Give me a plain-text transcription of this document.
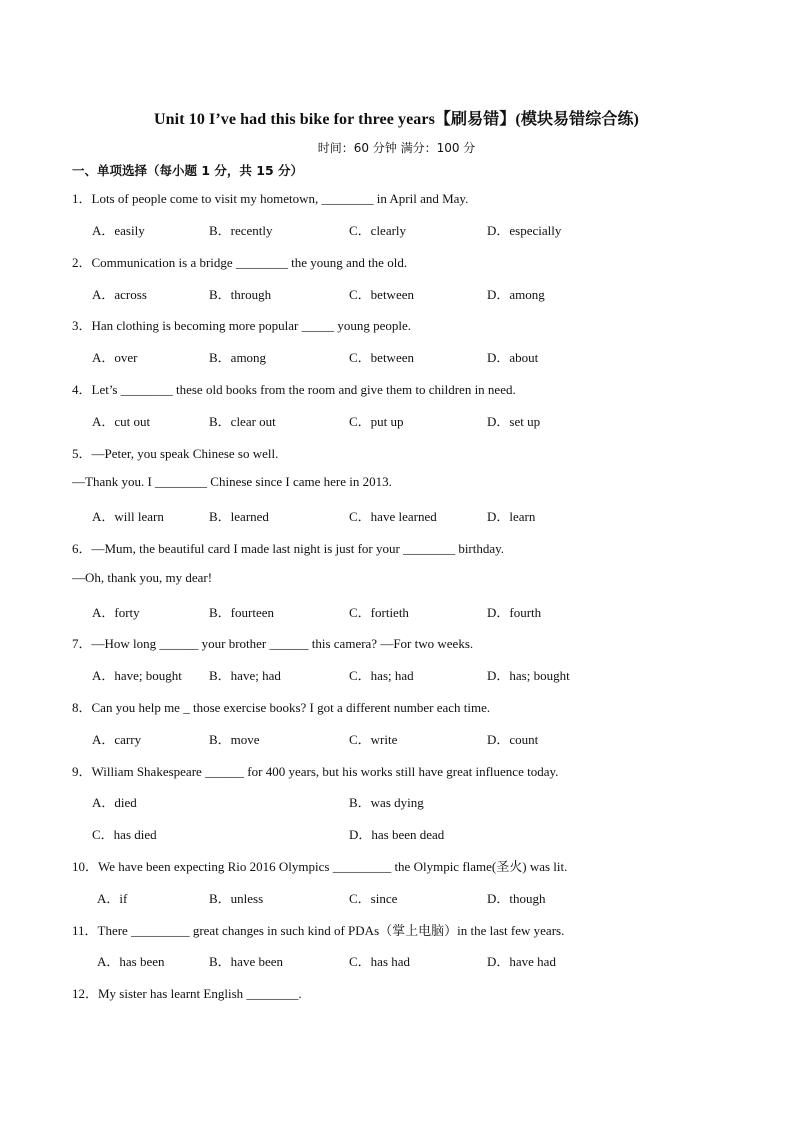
Unit 10 I’ve had this bike for three years【刷易错】(模块易错综合练)
时间：60 分钟 满分：100 分
一、单项选择（每小题 1 分，共 15 分）
1．Lots of people come to visit my hometown, ________ in April and May.
A．easily	B．recently	C．clearly	D．especially
2．Communication is a bridge ________ the young and the old.
A．across	B．through	C．between	D．among
3．Han clothing is becoming more popular _____ young people.
A．over	B．among	C．between	D．about
4．Let’s ________ these old books from the room and give them to children in need.
A．cut out	B．clear out	C．put up	D．set up
5．—Peter, you speak Chinese so well.
—Thank you. I ________ Chinese since I came here in 2013.
A．will learn	B．learned	C．have learned	D．learn
6．—Mum, the beautiful card I made last night is just for your ________ birthday.
—Oh, thank you, my dear!
A．forty	B．fourteen	C．fortieth	D．fourth
7．—How long ______ your brother ______ this camera? —For two weeks.
A．have; bought B．have; had	C．has; had	D．has; bought
8．Can you help me _ those exercise books? I got a different number each time.
A．carry	B．move	C．write	D．count
9．William Shakespeare ______ for 400 years, but his works still have great influence today.
A．died	B．was dying
C．has died	D．has been dead
10．We have been expecting Rio 2016 Olympics _________ the Olympic flame(圣火) was lit.
A．if	B．unless	C．since	D．though
11．There _________ great changes in such kind of PDAs（掌上电脑）in the last few years.
A．has been	B．have been	C．has had	D．have had
12．My sister has learnt English ________.
